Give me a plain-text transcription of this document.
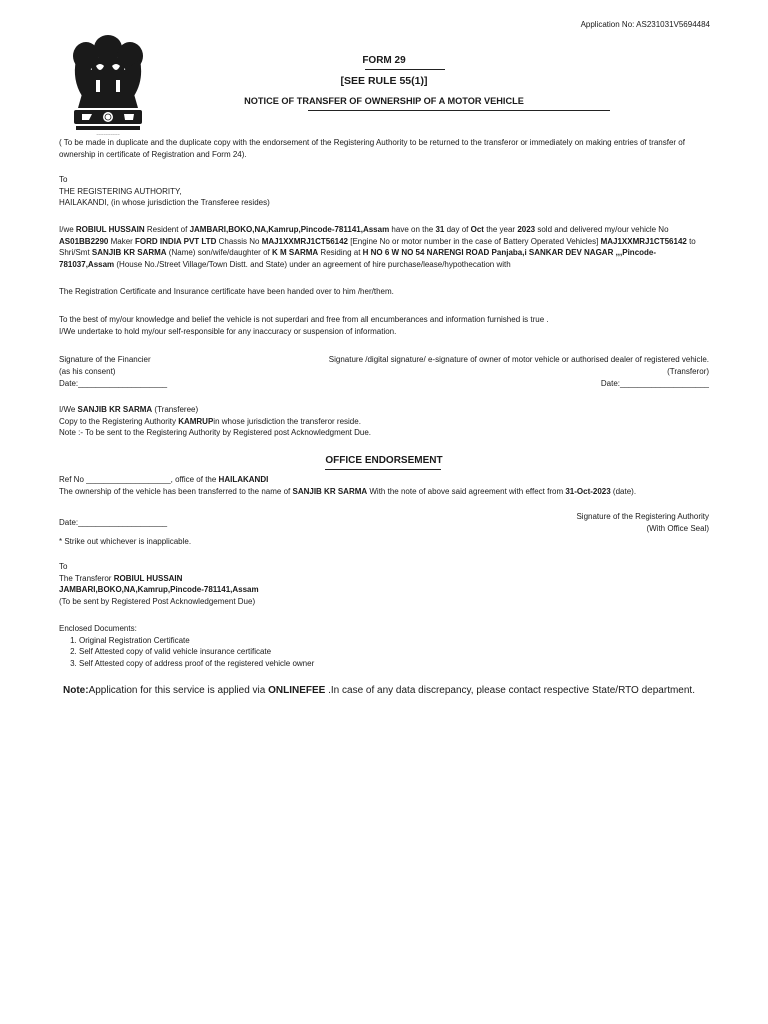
Application No: AS231031V5694484
~~~~~~~~~~
FORM 29
[SEE RULE 55(1)]
NOTICE OF TRANSFER OF OWNERSHIP OF A MOTOR VEHICLE
( To be made in duplicate and the duplicate copy with the endorsement of the Registering Authority to be returned to the transferor or immediately on making entries of transfer of ownership in certificate of Registration and Form 24).
To
THE REGISTERING AUTHORITY,
HAILAKANDI, (in whose jurisdiction the Transferee resides)
I/we ROBIUL HUSSAIN Resident of JAMBARI,BOKO,NA,Kamrup,Pincode-781141,Assam have on the 31 day of Oct the year 2023 sold and delivered my/our vehicle No AS01BB2290 Maker FORD INDIA PVT LTD Chassis No MAJ1XXMRJ1CT56142 [Engine No or motor number in the case of Battery Operated Vehicles] MAJ1XXMRJ1CT56142 to Shri/Smt SANJIB KR SARMA (Name) son/wife/daughter of K M SARMA Residing at H NO 6 W NO 54 NARENGI ROAD Panjaba,i SANKAR DEV NAGAR ,,,Pincode-781037,Assam (House No./Street Village/Town Distt. and State) under an agreement of hire purchase/lease/hypothecation with
The Registration Certificate and Insurance certificate have been handed over to him /her/them.
To the best of my/our knowledge and belief the vehicle is not superdari and free from all encumberances and information furnished is true .
I/We undertake to hold my/our self-responsible for any inaccuracy or suspension of information.
Signature of the Financier	Signature /digital signature/ e-signature of owner of motor vehicle or authorised dealer of registered vehicle.
(as his consent)	(Transferor)
Date:____________________	Date:____________________
I/We SANJIB KR SARMA (Transferee)
Copy to the Registering Authority KAMRUPin whose jurisdiction the transferor reside.
Note :- To be sent to the Registering Authority by Registered post Acknowledgment Due.
OFFICE ENDORSEMENT
Ref No ___________________, office of the HAILAKANDI
The ownership of the vehicle has been transferred to the name of SANJIB KR SARMA With the note of above said agreement with effect from 31-Oct-2023 (date).
Signature of the Registering Authority
(With Office Seal)
Date:____________________
* Strike out whichever is inapplicable.
To
The Transferor ROBIUL HUSSAIN
JAMBARI,BOKO,NA,Kamrup,Pincode-781141,Assam
(To be sent by Registered Post Acknowledgement Due)
Enclosed Documents:
1. Original Registration Certificate
2. Self Attested copy of valid vehicle insurance certificate
3. Self Attested copy of address proof of the registered vehicle owner
Note:Application for this service is applied via ONLINEFEE .In case of any data discrepancy, please contact respective State/RTO department.
